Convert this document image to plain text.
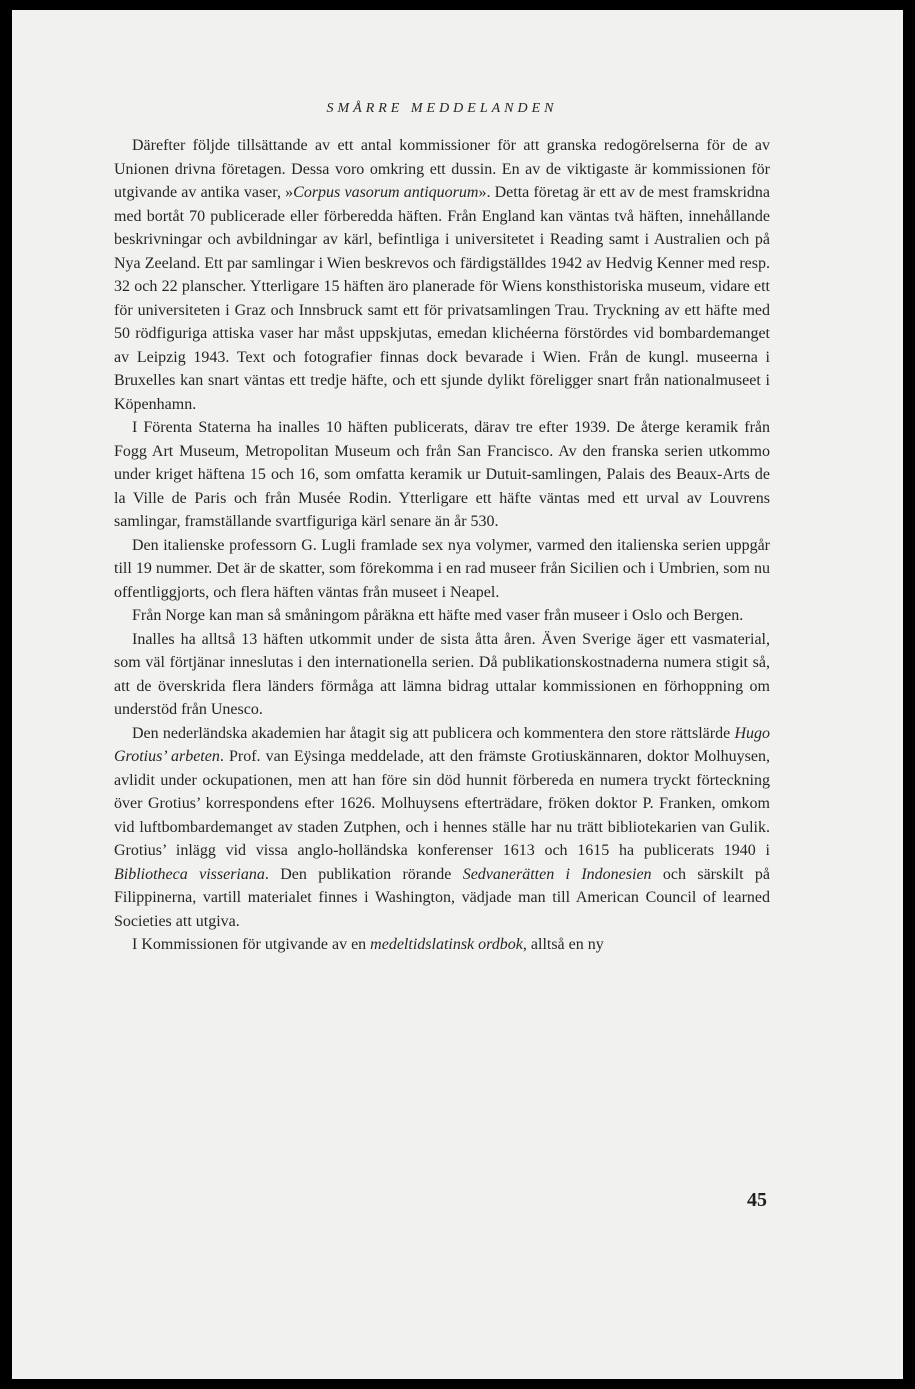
SMÅRRE MEDDELANDEN

Därefter följde tillsättande av ett antal kommissioner för att granska redogörelserna för de av Unionen drivna företagen. Dessa voro omkring ett dussin. En av de viktigaste är kommissionen för utgivande av antika vaser, »Corpus vasorum antiquorum». Detta företag är ett av de mest framskridna med bortåt 70 publicerade eller förberedda häften. Från England kan väntas två häften, innehållande beskrivningar och avbildningar av kärl, befintliga i universitetet i Reading samt i Australien och på Nya Zeeland. Ett par samlingar i Wien beskrevos och färdigställdes 1942 av Hedvig Kenner med resp. 32 och 22 planscher. Ytterligare 15 häften äro planerade för Wiens konsthistoriska museum, vidare ett för universiteten i Graz och Innsbruck samt ett för privatsamlingen Trau. Tryckning av ett häfte med 50 rödfiguriga attiska vaser har måst uppskjutas, emedan klichéerna förstördes vid bombardemanget av Leipzig 1943. Text och fotografier finnas dock bevarade i Wien. Från de kungl. museerna i Bruxelles kan snart väntas ett tredje häfte, och ett sjunde dylikt föreligger snart från nationalmuseet i Köpenhamn.

I Förenta Staterna ha inalles 10 häften publicerats, därav tre efter 1939. De återge keramik från Fogg Art Museum, Metropolitan Museum och från San Francisco. Av den franska serien utkommo under kriget häftena 15 och 16, som omfatta keramik ur Dutuit-samlingen, Palais des Beaux-Arts de la Ville de Paris och från Musée Rodin. Ytterligare ett häfte väntas med ett urval av Louvrens samlingar, framställande svartfiguriga kärl senare än år 530.

Den italienske professorn G. Lugli framlade sex nya volymer, varmed den italienska serien uppgår till 19 nummer. Det är de skatter, som förekomma i en rad museer från Sicilien och i Umbrien, som nu offentliggjorts, och flera häften väntas från museet i Neapel.

Från Norge kan man så småningom påräkna ett häfte med vaser från museer i Oslo och Bergen.

Inalles ha alltså 13 häften utkommit under de sista åtta åren. Även Sverige äger ett vasmaterial, som väl förtjänar inneslutas i den internationella serien. Då publikationskostnaderna numera stigit så, att de överskrida flera länders förmåga att lämna bidrag uttalar kommissionen en förhoppning om understöd från Unesco.

Den nederländska akademien har åtagit sig att publicera och kommentera den store rättslärde Hugo Grotius’ arbeten. Prof. van Eÿsinga meddelade, att den främste Grotiuskännaren, doktor Molhuysen, avlidit under ockupationen, men att han före sin död hunnit förbereda en numera tryckt förteckning över Grotius’ korrespondens efter 1626. Molhuysens efterträdare, fröken doktor P. Franken, omkom vid luftbombardemanget av staden Zutphen, och i hennes ställe har nu trätt bibliotekarien van Gulik. Grotius’ inlägg vid vissa anglo-holländska konferenser 1613 och 1615 ha publicerats 1940 i Bibliotheca visseriana. Den publikation rörande Sedvanerätten i Indonesien och särskilt på Filippinerna, vartill materialet finnes i Washington, vädjade man till American Council of learned Societies att utgiva.

I Kommissionen för utgivande av en medeltidslatinsk ordbok, alltså en ny

45
